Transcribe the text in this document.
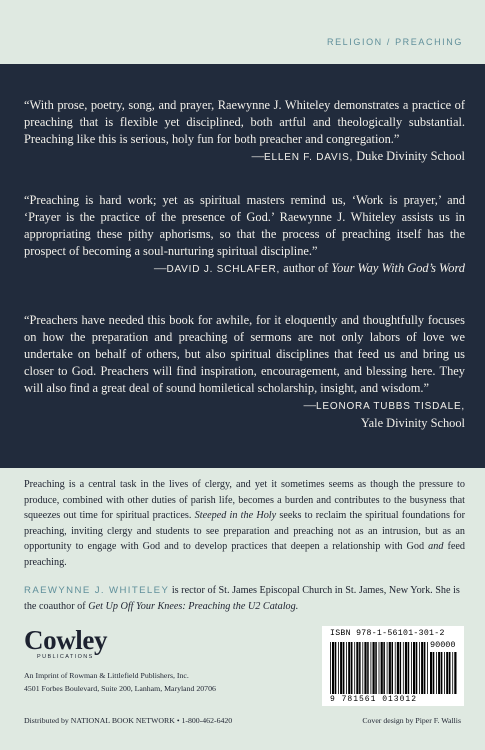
RELIGION / PREACHING
“With prose, poetry, song, and prayer, Raewynne J. Whiteley demonstrates a practice of preaching that is flexible yet disciplined, both artful and theologically substantial. Preaching like this is serious, holy fun for both preacher and congregation.”
—ELLEN F. DAVIS, Duke Divinity School
“Preaching is hard work; yet as spiritual masters remind us, ‘Work is prayer,’ and ‘Prayer is the practice of the presence of God.’ Raewynne J. Whiteley assists us in appropriating these pithy aphorisms, so that the process of preaching itself has the prospect of becoming a soul-nurturing spiritual discipline.”
—DAVID J. SCHLAFER, author of Your Way With God’s Word
“Preachers have needed this book for awhile, for it eloquently and thoughtfully focuses on how the preparation and preaching of sermons are not only labors of love we undertake on behalf of others, but also spiritual disciplines that feed us and bring us closer to God. Preachers will find inspiration, encouragement, and blessing here. They will also find a great deal of sound homiletical scholarship, insight, and wisdom.”
—LEONORA TUBBS TISDALE,
Yale Divinity School
Preaching is a central task in the lives of clergy, and yet it sometimes seems as though the pressure to produce, combined with other duties of parish life, becomes a burden and contributes to the busyness that squeezes out time for spiritual practices. Steeped in the Holy seeks to reclaim the spiritual foundations for preaching, inviting clergy and students to see preparation and preaching not as an intrusion, but as an opportunity to engage with God and to develop practices that deepen a relationship with God and feed preaching.
RAEWYNNE J. WHITELEY is rector of St. James Episcopal Church in St. James, New York. She is the coauthor of Get Up Off Your Knees: Preaching the U2 Catalog.
Cowley
PUBLICATIONS
An Imprint of Rowman & Littlefield Publishers, Inc.
4501 Forbes Boulevard, Suite 200, Lanham, Maryland 20706
Distributed by NATIONAL BOOK NETWORK • 1-800-462-6420	Cover design by Piper F. Wallis
ISBN 978-1-56101-301-2
90000
9 781561 013012
